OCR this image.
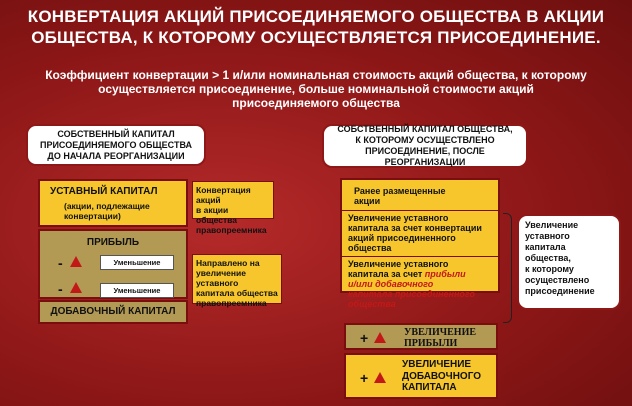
КОНВЕРТАЦИЯ АКЦИЙ ПРИСОЕДИНЯЕМОГО ОБЩЕСТВА В АКЦИИ
ОБЩЕСТВА, К КОТОРОМУ ОСУЩЕСТВЛЯЕТСЯ ПРИСОЕДИНЕНИЕ.
Коэффициент конвертации > 1 и/или номинальная стоимость акций общества, к которому
осуществляется присоединение, больше номинальной стоимости акций
присоединяемого общества
СОБСТВЕННЫЙ КАПИТАЛ
ПРИСОЕДИНЯЕМОГО ОБЩЕСТВА
ДО НАЧАЛА РЕОРГАНИЗАЦИИ
УСТАВНЫЙ КАПИТАЛ
(акции, подлежащие
конвертации)
ПРИБЫЛЬ
-	Уменьшение
-	Уменьшение
ДОБАВОЧНЫЙ КАПИТАЛ
Конвертация акций
в акции общества
правопреемника
Направлено на
увеличение уставного
капитала общества
правопреемника
СОБСТВЕННЫЙ КАПИТАЛ ОБЩЕСТВА,
К КОТОРОМУ ОСУЩЕСТВЛЕНО
ПРИСОЕДИНЕНИЕ, ПОСЛЕ РЕОРГАНИЗАЦИИ
Ранее размещенные
акции
Увеличение уставного
капитала за счет конвертации
акций присоединенного
общества
Увеличение уставного
капитала за счет прибыли
и/или добавочного
капитала присоединенного
общества
Увеличение
уставного
капитала
общества,
к которому
осуществлено
присоединение
+	УВЕЛИЧЕНИЕ
ПРИБЫЛИ
+
УВЕЛИЧЕНИЕ
ДОБАВОЧНОГО
КАПИТАЛА
